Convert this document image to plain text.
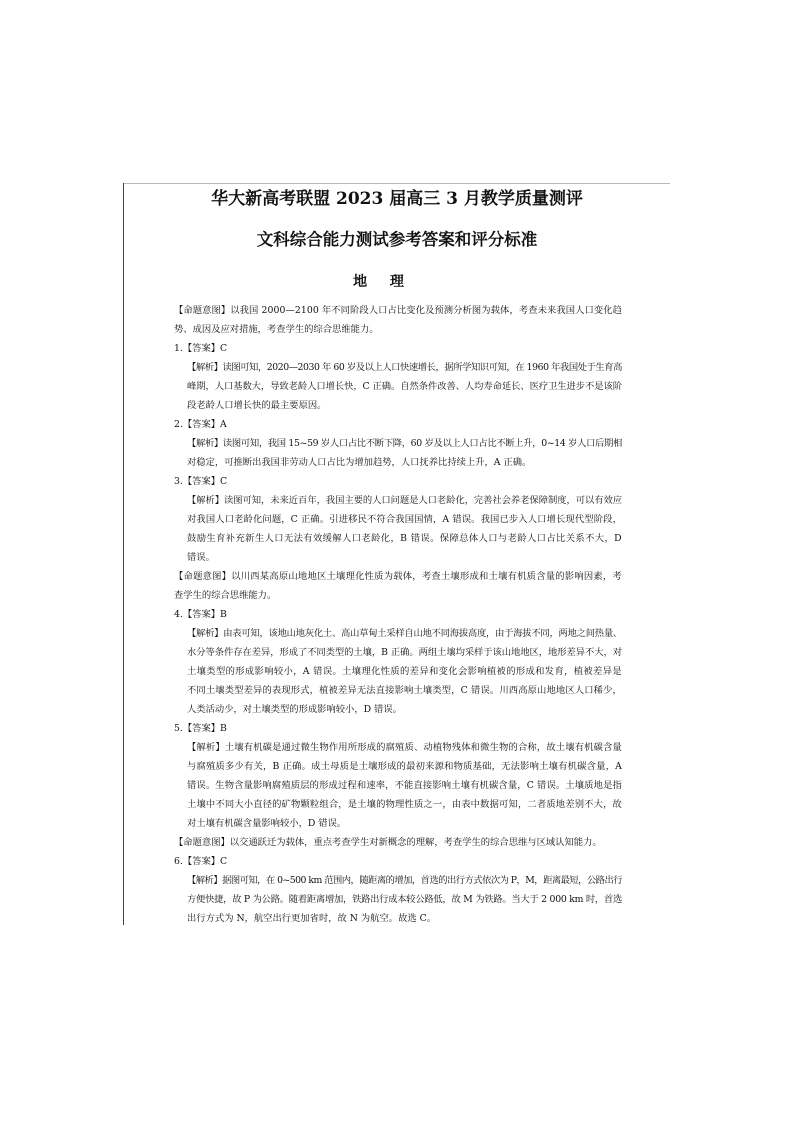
华大新高考联盟 2023 届高三 3 月教学质量测评
文科综合能力测试参考答案和评分标准
地 理
【命题意图】以我国 2000—2100 年不同阶段人口占比变化及预测分析图为载体，考查未来我国人口变化趋
势、成因及应对措施，考查学生的综合思维能力。
1.【答案】C
【解析】读图可知，2020—2030 年 60 岁及以上人口快速增长，据所学知识可知，在 1960 年我国处于生育高
峰期，人口基数大，导致老龄人口增长快，C 正确。自然条件改善、人均寿命延长、医疗卫生进步不是该阶
段老龄人口增长快的最主要原因。
2.【答案】A
【解析】读图可知，我国 15~59 岁人口占比不断下降，60 岁及以上人口占比不断上升，0~14 岁人口后期相
对稳定，可推断出我国非劳动人口占比为增加趋势，人口抚养比持续上升，A 正确。
3.【答案】C
【解析】读图可知，未来近百年，我国主要的人口问题是人口老龄化，完善社会养老保障制度，可以有效应
对我国人口老龄化问题，C 正确。引进移民不符合我国国情，A 错误。我国已步入人口增长现代型阶段，
鼓励生育补充新生人口无法有效缓解人口老龄化，B 错误。保障总体人口与老龄人口占比关系不大，D
错误。
【命题意图】以川西某高原山地地区土壤理化性质为载体，考查土壤形成和土壤有机质含量的影响因素，考
查学生的综合思维能力。
4.【答案】B
【解析】由表可知，该地山地灰化土、高山草甸土采样自山地不同海拔高度，由于海拔不同，两地之间热量、
水分等条件存在差异，形成了不同类型的土壤，B 正确。两组土壤均采样于该山地地区，地形差异不大，对
土壤类型的形成影响较小，A 错误。土壤理化性质的差异和变化会影响植被的形成和发育，植被差异是
不同土壤类型差异的表现形式，植被差异无法直接影响土壤类型，C 错误。川西高原山地地区人口稀少，
人类活动少，对土壤类型的形成影响较小，D 错误。
5.【答案】B
【解析】土壤有机碳是通过微生物作用所形成的腐殖质、动植物残体和微生物的合称，故土壤有机碳含量
与腐殖质多少有关，B 正确。成土母质是土壤形成的最初来源和物质基础，无法影响土壤有机碳含量，A
错误。生物含量影响腐殖质层的形成过程和速率，不能直接影响土壤有机碳含量，C 错误。土壤质地是指
土壤中不同大小直径的矿物颗粒组合，是土壤的物理性质之一，由表中数据可知，二者质地差别不大，故
对土壤有机碳含量影响较小，D 错误。
【命题意图】以交通跃迁为载体，重点考查学生对新概念的理解，考查学生的综合思维与区域认知能力。
6.【答案】C
【解析】据图可知，在 0~500 km 范围内，随距离的增加，首选的出行方式依次为 P，M，距离最短，公路出行
方便快捷，故 P 为公路。随着距离增加，铁路出行成本较公路低，故 M 为铁路。当大于 2 000 km 时，首选
出行方式为 N，航空出行更加省时，故 N 为航空。故选 C。
